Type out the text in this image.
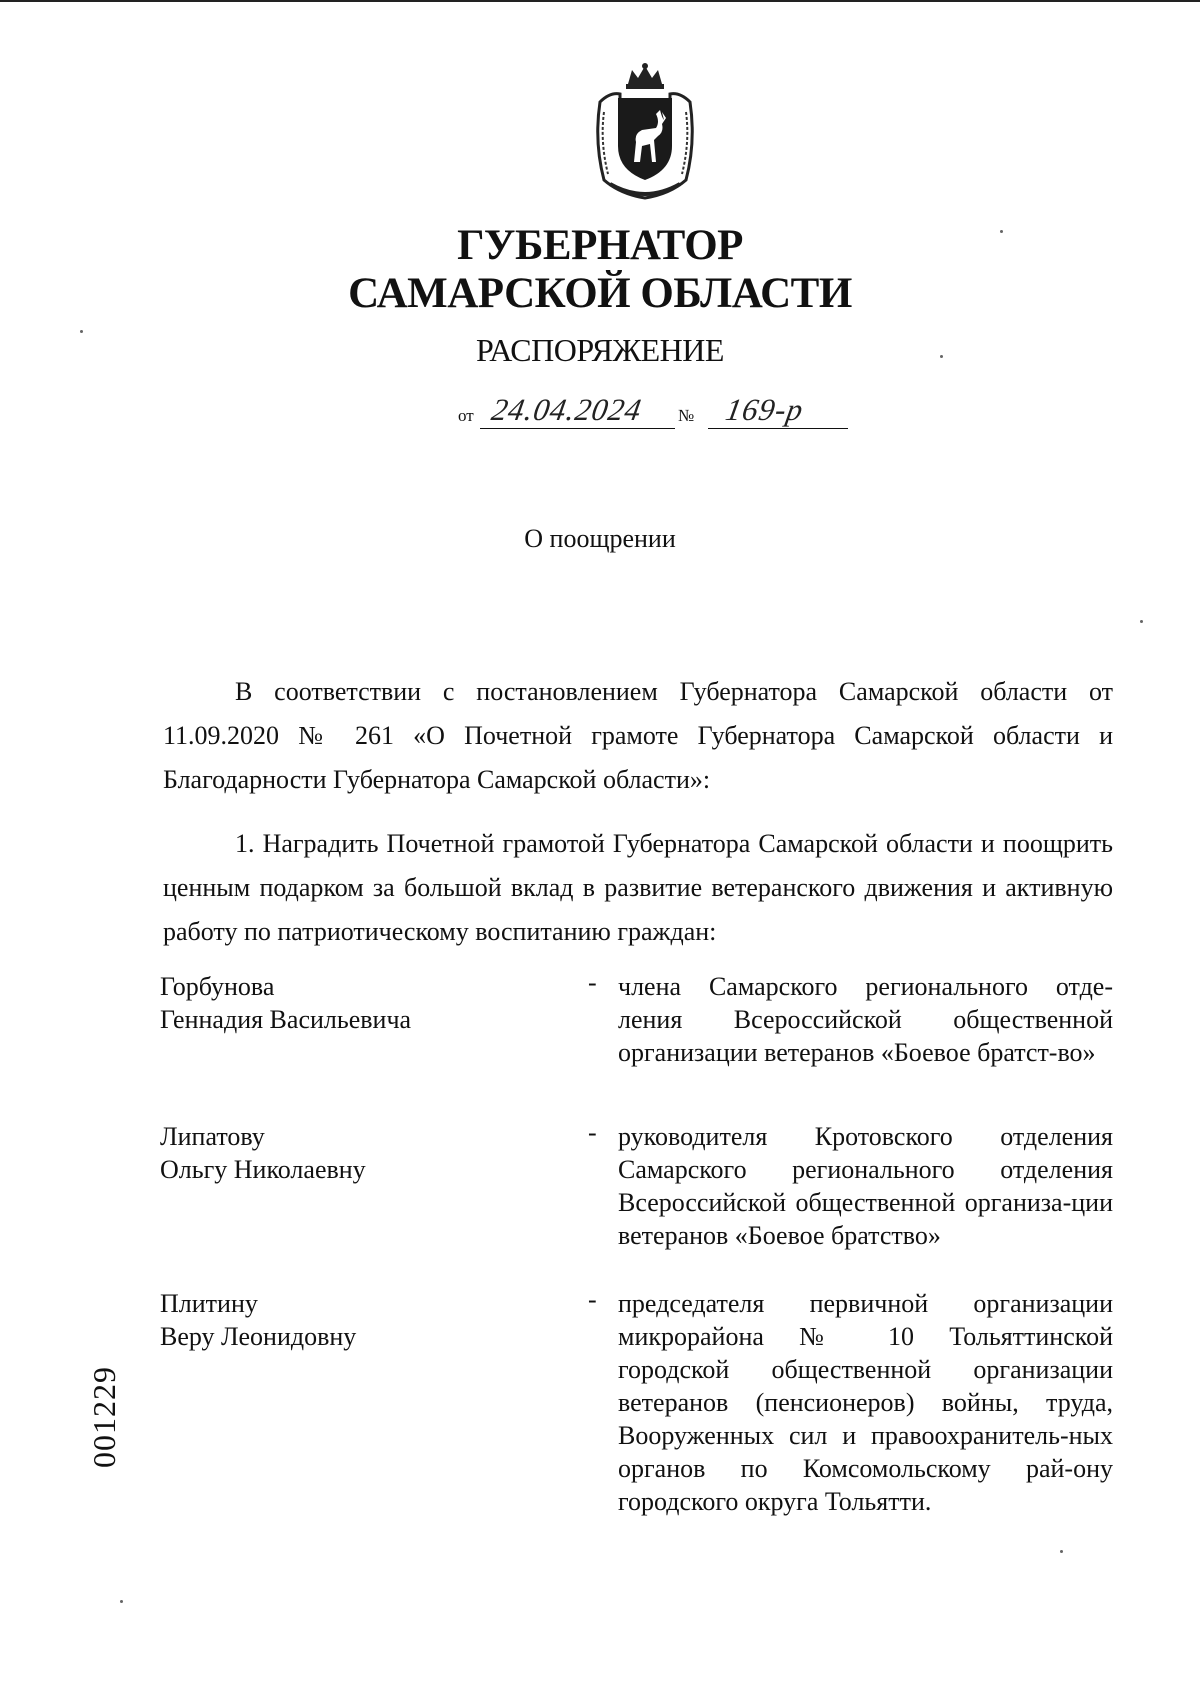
ГУБЕРНАТОР
САМАРСКОЙ ОБЛАСТИ
РАСПОРЯЖЕНИЕ
от 24.04.2024 № 169-р
О поощрении

В соответствии с постановлением Губернатора Самарской области от 11.09.2020 № 261 «О Почетной грамоте Губернатора Самарской области и Благодарности Губернатора Самарской области»:

1. Наградить Почетной грамотой Губернатора Самарской области и поощрить ценным подарком за большой вклад в развитие ветеранского движения и активную работу по патриотическому воспитанию граждан:

Горбунова
Геннадия Васильевича
- члена Самарского регионального отде-ления Всероссийской общественной организации ветеранов «Боевое братст-во»
Липатову
Ольгу Николаевну
- руководителя Кротовского отделения Самарского регионального отделения Всероссийской общественной организа-ции ветеранов «Боевое братство»
Плитину
Веру Леонидовну
- председателя первичной организации микрорайона № 10 Тольяттинской городской общественной организации ветеранов (пенсионеров) войны, труда, Вооруженных сил и правоохранитель-ных органов по Комсомольскому рай-ону городского округа Тольятти.
001229
